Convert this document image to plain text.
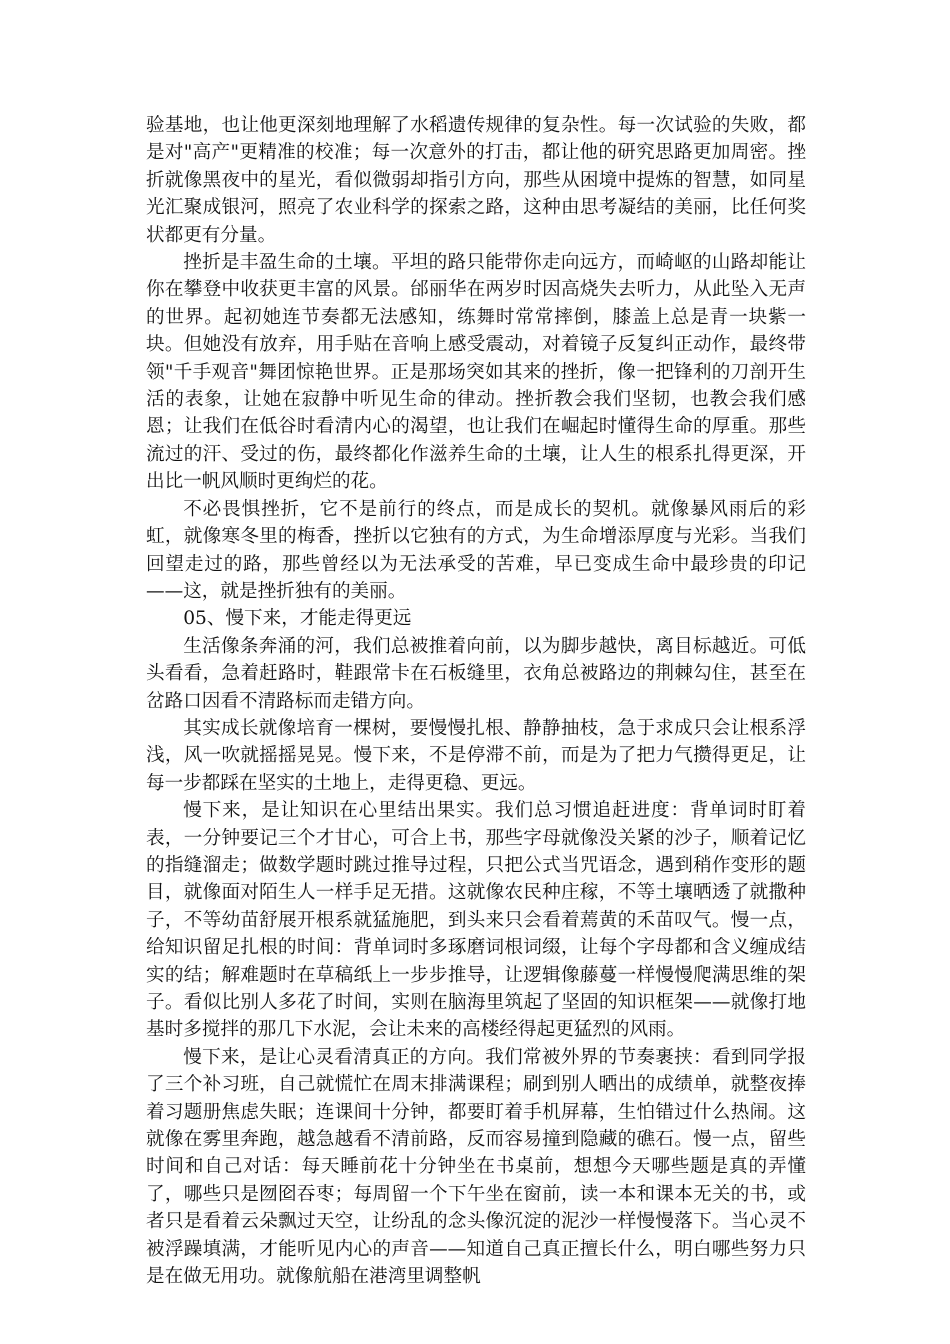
验基地，也让他更深刻地理解了水稻遗传规律的复杂性。每一次试验的失败，都是对"高产"更精准的校准；每一次意外的打击，都让他的研究思路更加周密。挫折就像黑夜中的星光，看似微弱却指引方向，那些从困境中提炼的智慧，如同星光汇聚成银河，照亮了农业科学的探索之路，这种由思考凝结的美丽，比任何奖状都更有分量。

挫折是丰盈生命的土壤。平坦的路只能带你走向远方，而崎岖的山路却能让你在攀登中收获更丰富的风景。邰丽华在两岁时因高烧失去听力，从此坠入无声的世界。起初她连节奏都无法感知，练舞时常常摔倒，膝盖上总是青一块紫一块。但她没有放弃，用手贴在音响上感受震动，对着镜子反复纠正动作，最终带领"千手观音"舞团惊艳世界。正是那场突如其来的挫折，像一把锋利的刀剖开生活的表象，让她在寂静中听见生命的律动。挫折教会我们坚韧，也教会我们感恩；让我们在低谷时看清内心的渴望，也让我们在崛起时懂得生命的厚重。那些流过的汗、受过的伤，最终都化作滋养生命的土壤，让人生的根系扎得更深，开出比一帆风顺时更绚烂的花。

不必畏惧挫折，它不是前行的终点，而是成长的契机。就像暴风雨后的彩虹，就像寒冬里的梅香，挫折以它独有的方式，为生命增添厚度与光彩。当我们回望走过的路，那些曾经以为无法承受的苦难，早已变成生命中最珍贵的印记——这，就是挫折独有的美丽。

05、慢下来，才能走得更远

生活像条奔涌的河，我们总被推着向前，以为脚步越快，离目标越近。可低头看看，急着赶路时，鞋跟常卡在石板缝里，衣角总被路边的荆棘勾住，甚至在岔路口因看不清路标而走错方向。

其实成长就像培育一棵树，要慢慢扎根、静静抽枝，急于求成只会让根系浮浅，风一吹就摇摇晃晃。慢下来，不是停滞不前，而是为了把力气攒得更足，让每一步都踩在坚实的土地上，走得更稳、更远。

慢下来，是让知识在心里结出果实。我们总习惯追赶进度：背单词时盯着表，一分钟要记三个才甘心，可合上书，那些字母就像没关紧的沙子，顺着记忆的指缝溜走；做数学题时跳过推导过程，只把公式当咒语念，遇到稍作变形的题目，就像面对陌生人一样手足无措。这就像农民种庄稼，不等土壤晒透了就撒种子，不等幼苗舒展开根系就猛施肥，到头来只会看着蔫黄的禾苗叹气。慢一点，给知识留足扎根的时间：背单词时多琢磨词根词缀，让每个字母都和含义缠成结实的结；解难题时在草稿纸上一步步推导，让逻辑像藤蔓一样慢慢爬满思维的架子。看似比别人多花了时间，实则在脑海里筑起了坚固的知识框架——就像打地基时多搅拌的那几下水泥，会让未来的高楼经得起更猛烈的风雨。

慢下来，是让心灵看清真正的方向。我们常被外界的节奏裹挟：看到同学报了三个补习班，自己就慌忙在周末排满课程；刷到别人晒出的成绩单，就整夜捧着习题册焦虑失眠；连课间十分钟，都要盯着手机屏幕，生怕错过什么热闹。这就像在雾里奔跑，越急越看不清前路，反而容易撞到隐藏的礁石。慢一点，留些时间和自己对话：每天睡前花十分钟坐在书桌前，想想今天哪些题是真的弄懂了，哪些只是囫囵吞枣；每周留一个下午坐在窗前，读一本和课本无关的书，或者只是看着云朵飘过天空，让纷乱的念头像沉淀的泥沙一样慢慢落下。当心灵不被浮躁填满，才能听见内心的声音——知道自己真正擅长什么，明白哪些努力只是在做无用功。就像航船在港湾里调整帆
